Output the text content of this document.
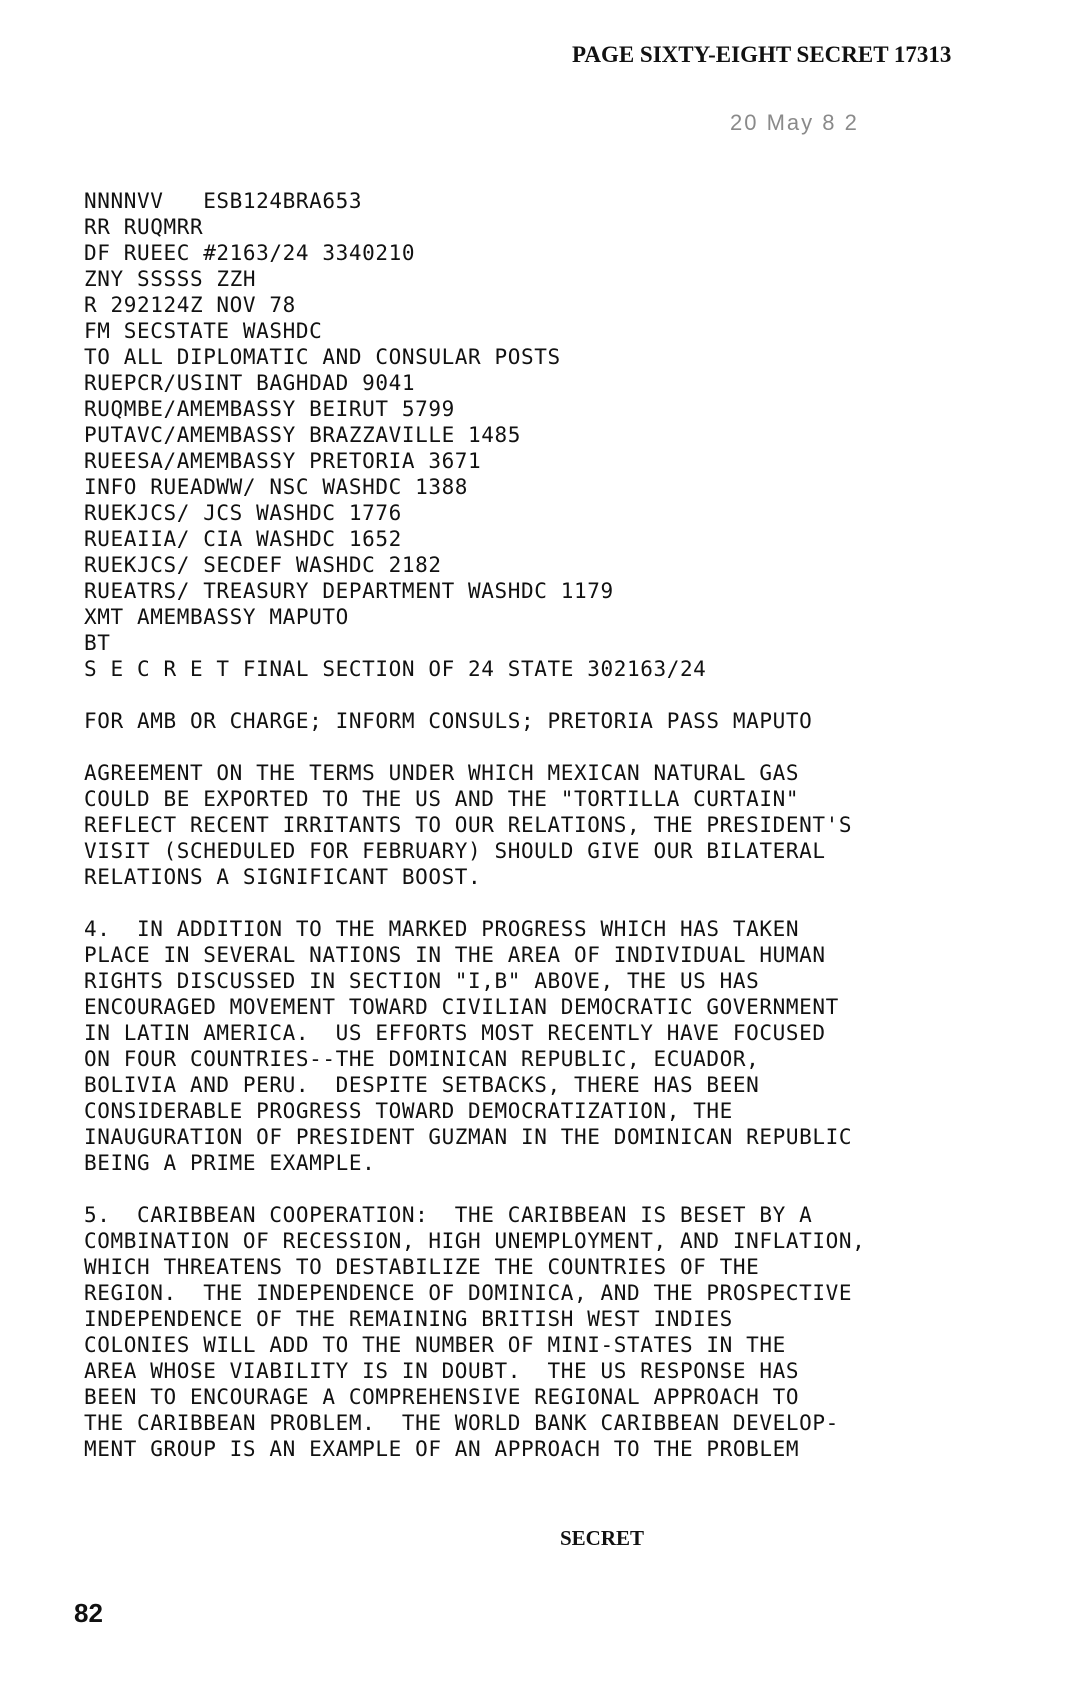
PAGE SIXTY-EIGHT SECRET 17313
20 May 8 2
NNNNVV   ESB124BRA653
RR RUQMRR
DF RUEEC #2163/24 3340210
ZNY SSSSS ZZH
R 292124Z NOV 78
FM SECSTATE WASHDC
TO ALL DIPLOMATIC AND CONSULAR POSTS
RUEPCR/USINT BAGHDAD 9041
RUQMBE/AMEMBASSY BEIRUT 5799
PUTAVC/AMEMBASSY BRAZZAVILLE 1485
RUEESA/AMEMBASSY PRETORIA 3671
INFO RUEADWW/ NSC WASHDC 1388
RUEKJCS/ JCS WASHDC 1776
RUEAIIA/ CIA WASHDC 1652
RUEKJCS/ SECDEF WASHDC 2182
RUEATRS/ TREASURY DEPARTMENT WASHDC 1179
XMT AMEMBASSY MAPUTO
BT
S E C R E T FINAL SECTION OF 24 STATE 302163/24
FOR AMB OR CHARGE; INFORM CONSULS; PRETORIA PASS MAPUTO
AGREEMENT ON THE TERMS UNDER WHICH MEXICAN NATURAL GAS
COULD BE EXPORTED TO THE US AND THE "TORTILLA CURTAIN"
REFLECT RECENT IRRITANTS TO OUR RELATIONS, THE PRESIDENT'S
VISIT (SCHEDULED FOR FEBRUARY) SHOULD GIVE OUR BILATERAL
RELATIONS A SIGNIFICANT BOOST.
4.  IN ADDITION TO THE MARKED PROGRESS WHICH HAS TAKEN
PLACE IN SEVERAL NATIONS IN THE AREA OF INDIVIDUAL HUMAN
RIGHTS DISCUSSED IN SECTION "I,B" ABOVE, THE US HAS
ENCOURAGED MOVEMENT TOWARD CIVILIAN DEMOCRATIC GOVERNMENT
IN LATIN AMERICA.  US EFFORTS MOST RECENTLY HAVE FOCUSED
ON FOUR COUNTRIES--THE DOMINICAN REPUBLIC, ECUADOR,
BOLIVIA AND PERU.  DESPITE SETBACKS, THERE HAS BEEN
CONSIDERABLE PROGRESS TOWARD DEMOCRATIZATION, THE
INAUGURATION OF PRESIDENT GUZMAN IN THE DOMINICAN REPUBLIC
BEING A PRIME EXAMPLE.
5.  CARIBBEAN COOPERATION:  THE CARIBBEAN IS BESET BY A
COMBINATION OF RECESSION, HIGH UNEMPLOYMENT, AND INFLATION,
WHICH THREATENS TO DESTABILIZE THE COUNTRIES OF THE
REGION.  THE INDEPENDENCE OF DOMINICA, AND THE PROSPECTIVE
INDEPENDENCE OF THE REMAINING BRITISH WEST INDIES
COLONIES WILL ADD TO THE NUMBER OF MINI-STATES IN THE
AREA WHOSE VIABILITY IS IN DOUBT.  THE US RESPONSE HAS
BEEN TO ENCOURAGE A COMPREHENSIVE REGIONAL APPROACH TO
THE CARIBBEAN PROBLEM.  THE WORLD BANK CARIBBEAN DEVELOP-
MENT GROUP IS AN EXAMPLE OF AN APPROACH TO THE PROBLEM
SECRET
82
